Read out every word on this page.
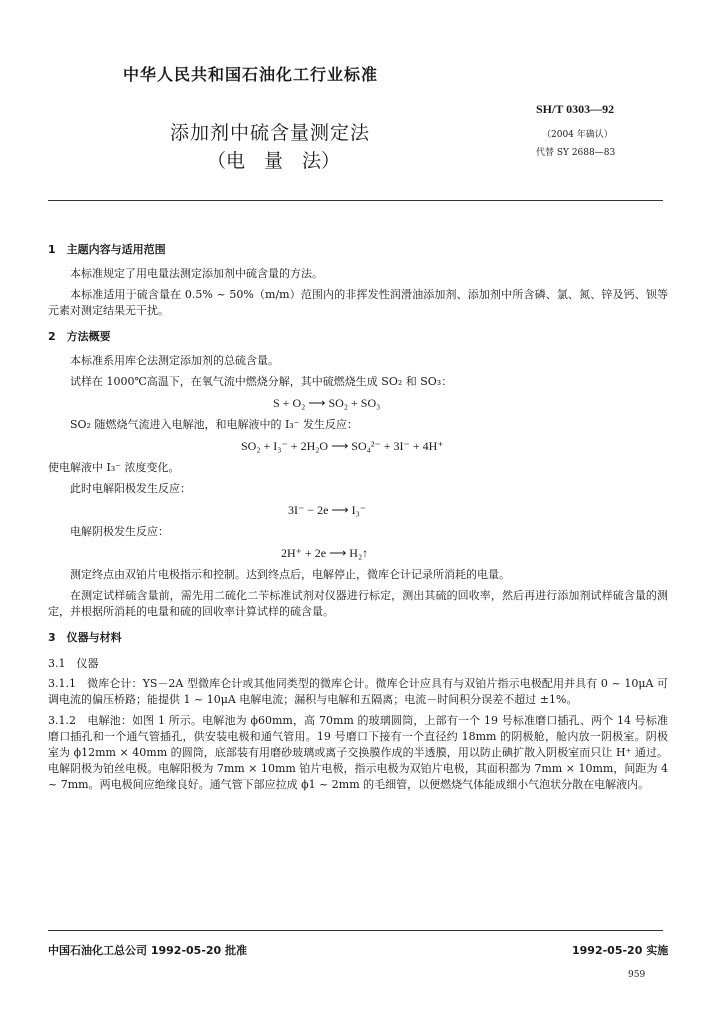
中华人民共和国石油化工行业标准
添加剂中硫含量测定法
（电　量　法）
SH/T 0303—92
（2004 年确认）
代替 SY 2688—83
1　主题内容与适用范围
本标准规定了用电量法测定添加剂中硫含量的方法。
本标准适用于硫含量在 0.5% ~ 50%（m/m）范围内的非挥发性润滑油添加剂、添加剂中所含磷、氯、氮、锌及钙、钡等元素对测定结果无干扰。
2　方法概要
本标准系用库仑法测定添加剂的总硫含量。
试样在 1000℃高温下，在氧气流中燃烧分解，其中硫燃烧生成 SO₂ 和 SO₃：
S + O₂ ⟶ SO₂ + SO₃
SO₂ 随燃烧气流进入电解池，和电解液中的 I₃⁻ 发生反应：
SO₂ + I₃⁻ + 2H₂O ⟶ SO₄²⁻ + 3I⁻ + 4H⁺
使电解液中 I₃⁻ 浓度变化。
此时电解阳极发生反应：
3I⁻ − 2e ⟶ I₃⁻
电解阴极发生反应：
2H⁺ + 2e ⟶ H₂↑
测定终点由双铂片电极指示和控制。达到终点后，电解停止，微库仑计记录所消耗的电量。
在测定试样硫含量前，需先用二硫化二苄标准试剂对仪器进行标定，测出其硫的回收率，然后再进行添加剂试样硫含量的测定，并根据所消耗的电量和硫的回收率计算试样的硫含量。
3　仪器与材料
3.1　仪器
3.1.1　微库仑计：YS－2A 型微库仑计或其他同类型的微库仑计。微库仑计应具有与双铂片指示电极配用并具有 0 ~ 10μA 可调电流的偏压桥路；能提供 1 ~ 10μA 电解电流；漏积与电解和五隔离；电流－时间积分误差不超过 ±1%。
3.1.2　电解池：如图 1 所示。电解池为 ϕ60mm，高 70mm 的玻璃圆筒，上部有一个 19 号标准磨口插孔、两个 14 号标准磨口插孔和一个通气管插孔，供安装电极和通气管用。19 号磨口下接有一个直径约 18mm 的阴极舱，舱内放一阴极室。阴极室为 ϕ12mm × 40mm 的圆筒，底部装有用磨砂玻璃或离子交换膜作成的半透膜，用以防止碘扩散入阴极室而只让 H⁺ 通过。电解阴极为铂丝电极。电解阳极为 7mm × 10mm 铂片电极，指示电极为双铂片电极，其面积都为 7mm × 10mm，间距为 4 ~ 7mm。两电极间应绝缘良好。通气管下部应拉成 ϕ1 ~ 2mm 的毛细管，以便燃烧气体能成细小气泡状分散在电解液内。
中国石油化工总公司 1992-05-20 批准	1992-05-20 实施
959
